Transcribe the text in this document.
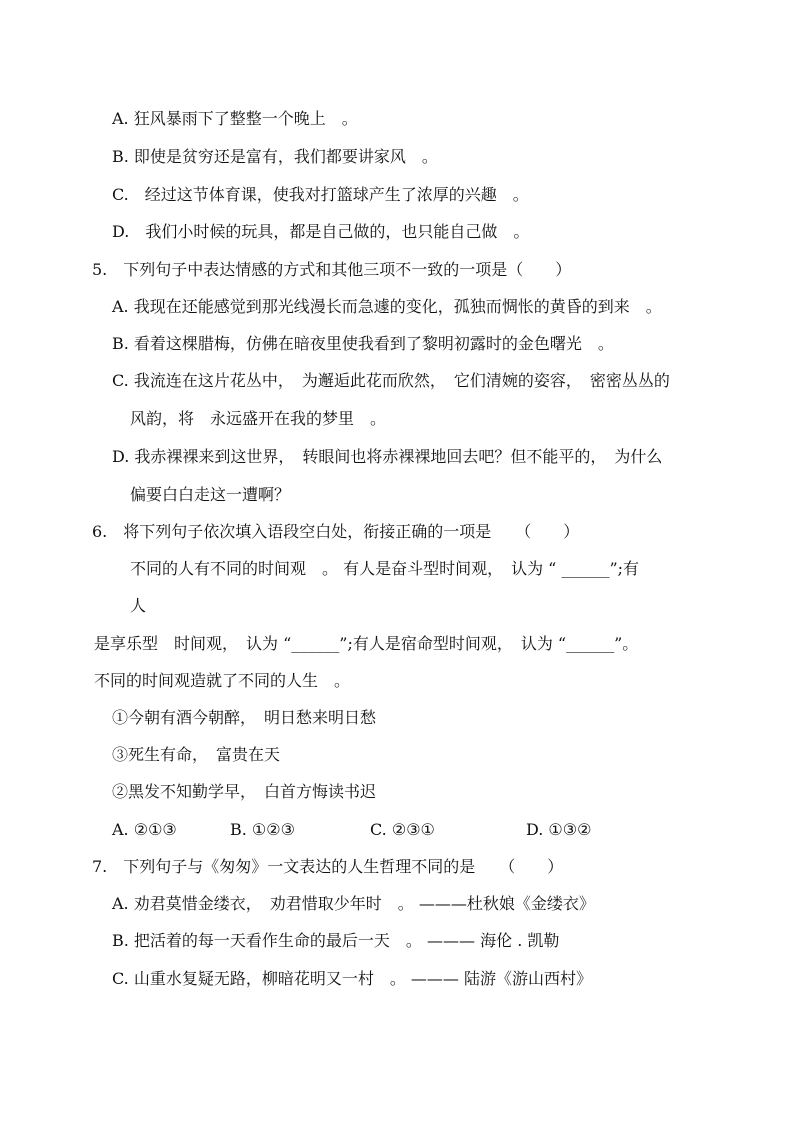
A. 狂风暴雨下了整整一个晚上　。
B. 即使是贫穷还是富有，我们都要讲家风　。
C.　经过这节体育课，使我对打篮球产生了浓厚的兴趣　。
D.　我们小时候的玩具，都是自己做的，也只能自己做　。
5.　下列句子中表达情感的方式和其他三项不一致的一项是（　　）
A. 我现在还能感觉到那光线漫长而急遽的变化，孤独而惆怅的黄昏的到来　。
B. 看着这棵腊梅，仿佛在暗夜里使我看到了黎明初露时的金色曙光　。
C. 我流连在这片花丛中，　为邂逅此花而欣然，　它们清婉的姿容，　密密丛丛的
风韵，将　永远盛开在我的梦里　。
D. 我赤裸裸来到这世界，　转眼间也将赤裸裸地回去吧？但不能平的，　为什么
偏要白白走这一遭啊？
6.　将下列句子依次填入语段空白处，衔接正确的一项是　　（　　）
不同的人有不同的时间观　。 有人是奋斗型时间观，　认为 “ ______”;有
人
是享乐型　时间观，　认为 “______”;有人是宿命型时间观，　认为 “______”。
不同的时间观造就了不同的人生　。
①今朝有酒今朝醉，　明日愁来明日愁
③死生有命，　富贵在天
②黑发不知勤学早，　白首方悔读书迟
A. ②①③	B. ①②③	C. ②③①	D. ①③②
7.　下列句子与《匆匆》一文表达的人生哲理不同的是　　（　　）
A. 劝君莫惜金缕衣，　劝君惜取少年时　。 ———杜秋娘《金缕衣》
B. 把活着的每一天看作生命的最后一天　。 ——— 海伦 . 凯勒
C. 山重水复疑无路，柳暗花明又一村　。 ——— 陆游《游山西村》
